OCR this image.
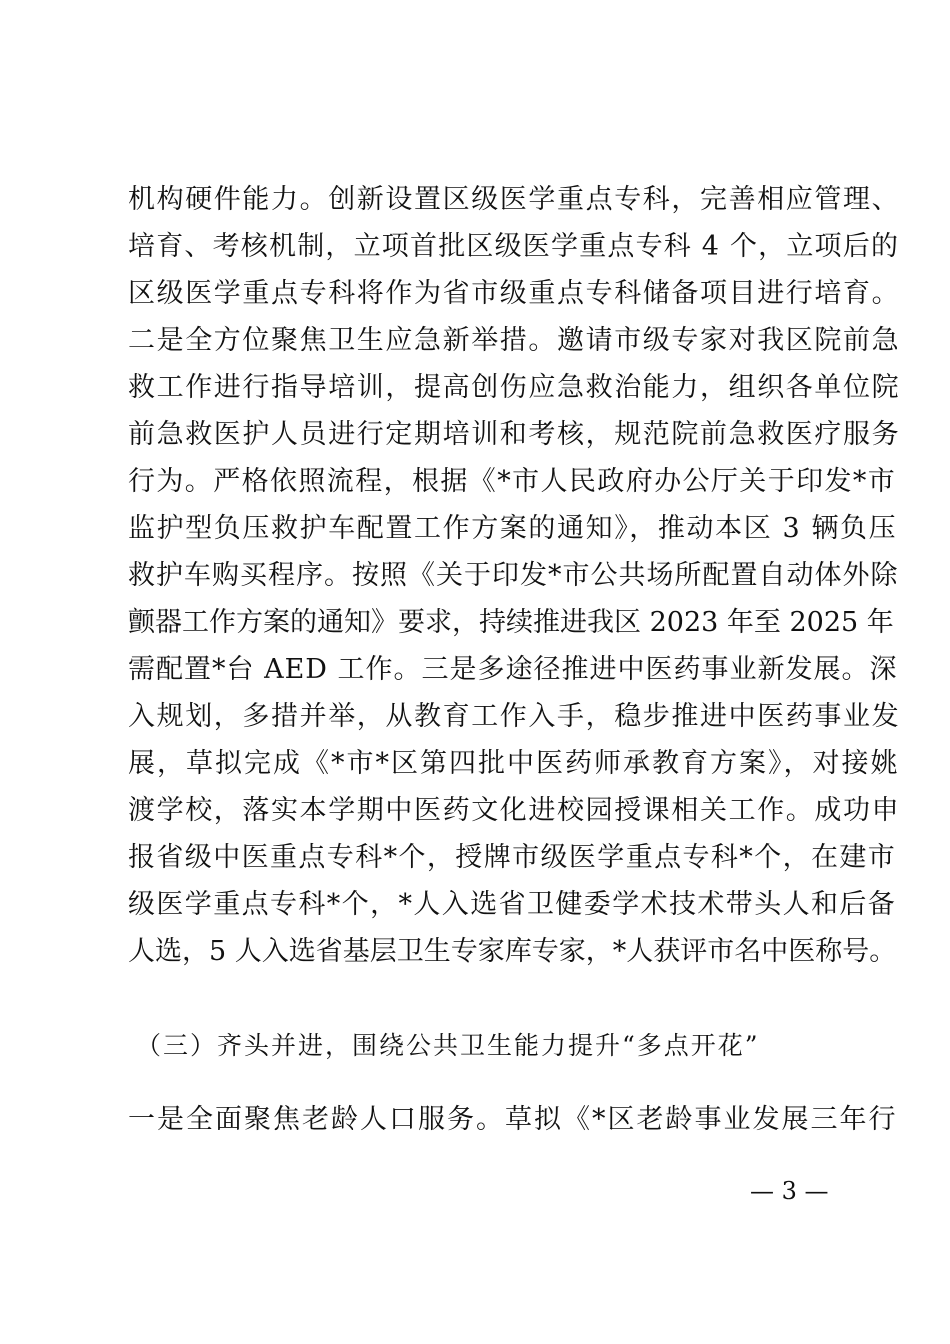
机构硬件能力。创新设置区级医学重点专科，完善相应管理、

培育、考核机制，立项首批区级医学重点专科 4 个，立项后的

区级医学重点专科将作为省市级重点专科储备项目进行培育。

二是全方位聚焦卫生应急新举措。邀请市级专家对我区院前急

救工作进行指导培训，提高创伤应急救治能力，组织各单位院

前急救医护人员进行定期培训和考核，规范院前急救医疗服务

行为。严格依照流程，根据《*市人民政府办公厅关于印发*市

监护型负压救护车配置工作方案的通知》，推动本区 3 辆负压

救护车购买程序。按照《关于印发*市公共场所配置自动体外除

颤器工作方案的通知》要求，持续推进我区 2023 年至 2025 年

需配置*台 AED 工作。三是多途径推进中医药事业新发展。深

入规划，多措并举，从教育工作入手，稳步推进中医药事业发

展，草拟完成《*市*区第四批中医药师承教育方案》，对接姚

渡学校，落实本学期中医药文化进校园授课相关工作。成功申

报省级中医重点专科*个，授牌市级医学重点专科*个，在建市

级医学重点专科*个，*人入选省卫健委学术技术带头人和后备

人选，5 人入选省基层卫生专家库专家，*人获评市名中医称号。

（三）齐头并进，围绕公共卫生能力提升“多点开花”
一是全面聚焦老龄人口服务。草拟《*区老龄事业发展三年行
— 3 —
